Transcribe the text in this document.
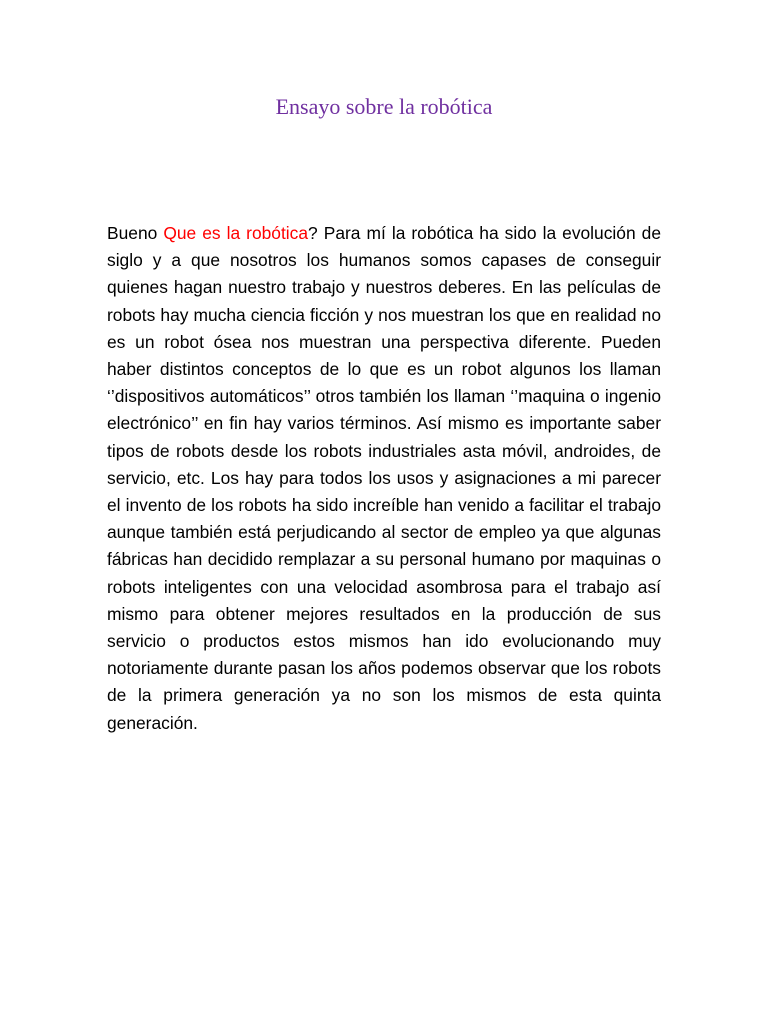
Ensayo sobre la robótica

Bueno Que es la robótica? Para mí la robótica ha sido la evolución de siglo y a que nosotros los humanos somos capases de conseguir quienes hagan nuestro trabajo y nuestros deberes. En las películas de robots hay mucha ciencia ficción y nos muestran los que en realidad no es un robot ósea nos muestran una perspectiva diferente. Pueden haber distintos conceptos de lo que es un robot algunos los llaman ‘’dispositivos automáticos’’ otros también los llaman ‘’maquina o ingenio electrónico’’ en fin hay varios términos. Así mismo es importante saber tipos de robots desde los robots industriales asta móvil, androides, de servicio, etc. Los hay para todos los usos y asignaciones a mi parecer el invento de los robots ha sido increíble han venido a facilitar el trabajo aunque también está perjudicando al sector de empleo ya que algunas fábricas han decidido remplazar a su personal humano por maquinas o robots inteligentes con una velocidad asombrosa para el trabajo así mismo para obtener mejores resultados en la producción de sus servicio o productos estos mismos han ido evolucionando muy notoriamente durante pasan los años podemos observar que los robots de la primera generación ya no son los mismos de esta quinta generación.
